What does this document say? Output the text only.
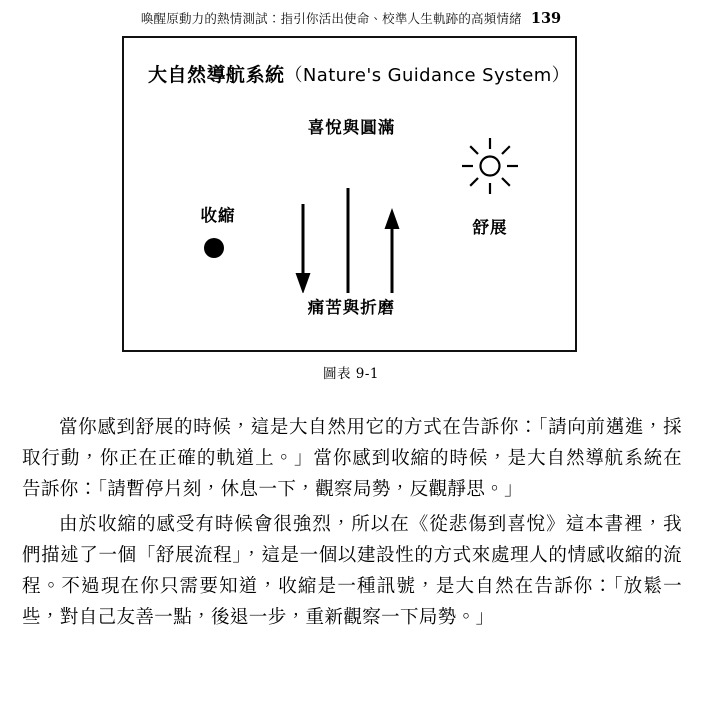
喚醒原動力的熱情測試：指引你活出使命、校準人生軌跡的高頻情緒 139
大自然導航系統（Nature's Guidance System）
喜悅與圓滿
痛苦與折磨
收縮
舒展
圖表 9-1

當你感到舒展的時候，這是大自然用它的方式在告訴你：「請向前邁進，採取行動，你正在正確的軌道上。」當你感到收縮的時候，是大自然導航系統在告訴你：「請暫停片刻，休息一下，觀察局勢，反觀靜思。」

由於收縮的感受有時候會很強烈，所以在《從悲傷到喜悅》這本書裡，我們描述了一個「舒展流程」，這是一個以建設性的方式來處理人的情感收縮的流程。不過現在你只需要知道，收縮是一種訊號，是大自然在告訴你：「放鬆一些，對自己友善一點，後退一步，重新觀察一下局勢。」
